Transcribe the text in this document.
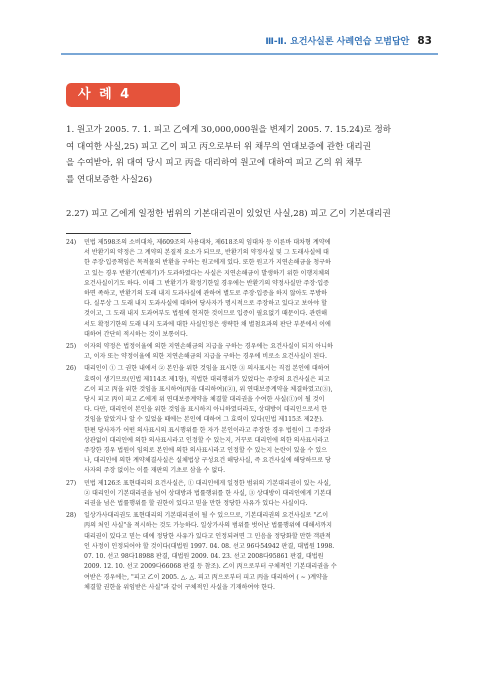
Ⅲ-Ⅱ. 요건사실론 사례연습 모범답안 83
사 례 4
1. 원고가 2005. 7. 1. 피고 乙에게 30,000,000원을 변제기 2005. 7. 15.24)로 정하
여 대여한 사실,25) 피고 乙이 피고 丙으로부터 위 채무의 연대보증에 관한 대리권
을 수여받아, 위 대여 당시 피고 丙을 대리하여 원고에 대하여 피고 乙의 위 채무
를 연대보증한 사실26)
2.27) 피고 乙에게 일정한 범위의 기본대리권이 있었던 사실,28) 피고 乙이 기본대리권
24)	민법 제598조의 소비대차, 제609조의 사용대차, 제618조의 임대차 등 이른바 대차형 계약에
서 반환기의 약정은 그 계약의 본질적 요소가 되므로, 반환기의 약정사실 및 그 도래사실에 대
한 주장·입증책임은 목적물의 반환을 구하는 원고에게 있다. 또한 원고가 지연손해금을 청구하
고 있는 경우 반환기(변제기)가 도과하였다는 사실은 지연손해금이 발생하기 위한 이행지체의
요건사실이기도 하다. 이때 그 반환기가 확정기한일 경우에는 반환기의 약정사실만 주장·입증
하면 족하고, 반환기의 도래 내지 도과사실에 관하여 별도로 주장·입증을 하지 않아도 무방하
다. 실무상 그 도래 내지 도과사실에 대하여 당사자가 명시적으로 주장하고 있다고 보아야 할
것이고, 그 도래 내지 도과여부도 법원에 현저한 것이므로 입증이 필요없기 때문이다. 관련해
서도 확정기한의 도래 내지 도과에 대한 사실인정은 생략한 채 별첨요과의 판단 부분에서 이에
대하여 간단히 적시하는 것이 보통이다.
25)	이자의 약정은 법정이율에 의한 지연손해금의 지급을 구하는 경우에는 요건사실이 되지 아니하
고, 이자 또는 약정이율에 의한 지연손해금의 지급을 구하는 경우에 비로소 요건사실이 된다.
26)	대리인이 ① 그 권한 내에서 ② 본인을 위한 것임을 표시한 ③ 의사표시는 직접 본인에 대하여
효력이 생기므로(민법 제114조 제1항), 직법한 대리행위가 있었다는 주장의 요건사실은 피고
乙이 피고 丙을 위한 것임을 표시하여(丙을 대리하여)(②), 위 연대보증계약을 체결하였고(③),
당시 피고 丙이 피고 乙에게 위 연대보증계약을 체결할 대리권을 수여한 사실(①)이 될 것이
다. 다만, 대리인이 본인을 위한 것임을 표시하지 아니하였더라도, 상대방이 대리인으로서 한
것임을 알았거나 알 수 있었을 때에는 본인에 대하여 그 효력이 있다(민법 제115조 제2문).
한편 당사자가 어떤 의사표시의 표시행위를 한 자가 본인이라고 주장한 경우 법원이 그 주장과
상관없이 대리인에 의한 의사표시라고 인정할 수 있는지, 거꾸로 대리인에 의한 의사표시라고
주장한 경우 법원이 임의로 본인에 의한 의사표시라고 인정할 수 있는지 논란이 있을 수 있으
나, 대리인에 의한 계약체결사실은 실체법상 구성요건 해당사실, 즉 요건사실에 해당하므로 당
사자의 주장 없이는 이를 재판의 기초로 삼을 수 없다.
27)	민법 제126조 표현대리의 요건사실은, ① 대리인에게 일정한 범위의 기본대리권이 있는 사실,
② 대리인이 기본대리권을 넘어 상대방과 법률행위를 한 사실, ③ 상대방이 대리인에게 기본대
리권을 넘은 법률행위를 할 권한이 있다고 믿을 만한 정당한 사유가 있다는 사실이다.
28)	일상가사대리권도 표현대리의 기본대리권이 될 수 있으므로, 기본대리권의 요건사실로 "乙이
丙의 처인 사실"을 적시하는 것도 가능하다. 일상가사의 범위를 벗어난 법률행위에 대해서까지
대리권이 있다고 믿는 데에 정당한 사유가 있다고 인정되려면 그 민음을 정당화할 만한 객관적
인 사정이 인정되어야 할 것이다(대법원 1997. 04. 08. 선고 96다54942 판결, 대법원 1998.
07. 10. 선고 98다18988 판결, 대법원 2009. 04. 23. 선고 2008다95861 판결, 대법원
2009. 12. 10. 선고 2009다66068 판결 등 참조). 乙이 丙으로부터 구체적인 기본대리권을 수
여받은 경우에는, "피고 乙이 2005. △. △. 피고 丙으로부터 피고 丙을 대리하여 ( ~ )계약을
체결할 권한을 위임받은 사실"과 같이 구체적인 사실을 기재하여야 한다.
